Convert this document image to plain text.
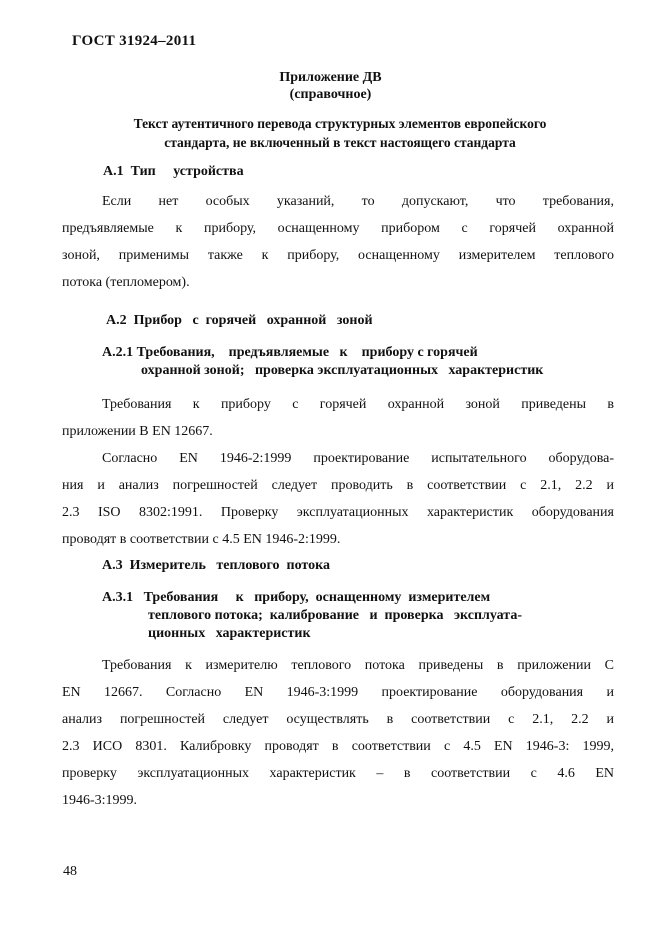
ГОСТ 31924–2011
Приложение ДВ
(справочное)
Текст аутентичного перевода структурных элементов европейского
стандарта, не включенный в текст настоящего стандарта
А.1  Тип     устройства
Если нет особых указаний, то допускают, что требования,
предъявляемые к прибору, оснащенному прибором с горячей охранной
зоной, применимы также к прибору, оснащенному измерителем теплового
потока (тепломером).
А.2  Прибор   с  горячей   охранной   зоной
А.2.1 Требования,    предъявляемые   к    прибору с горячей
охранной зоной;   проверка эксплуатационных   характеристик
Требования к прибору с горячей охранной зоной приведены в
приложении В EN 12667.
Согласно EN 1946-2:1999 проектирование испытательного оборудова-
ния и анализ погрешностей следует проводить в соответствии с 2.1, 2.2 и
2.3 ISO 8302:1991. Проверку эксплуатационных характеристик оборудования
проводят в соответствии с 4.5 EN 1946-2:1999.
А.3  Измеритель   теплового  потока
А.3.1   Требования     к   прибору,  оснащенному  измерителем
теплового потока;  калибрование   и  проверка   эксплуата-
ционных   характеристик
Требования к измерителю теплового потока приведены в приложении С
EN 12667. Согласно EN 1946-3:1999 проектирование оборудования и
анализ погрешностей следует осуществлять в соответствии с 2.1, 2.2 и
2.3 ИСО 8301. Калибровку проводят в соответствии с 4.5 EN 1946-3: 1999,
проверку эксплуатационных характеристик – в соответствии с 4.6 EN
1946-3:1999.
48
